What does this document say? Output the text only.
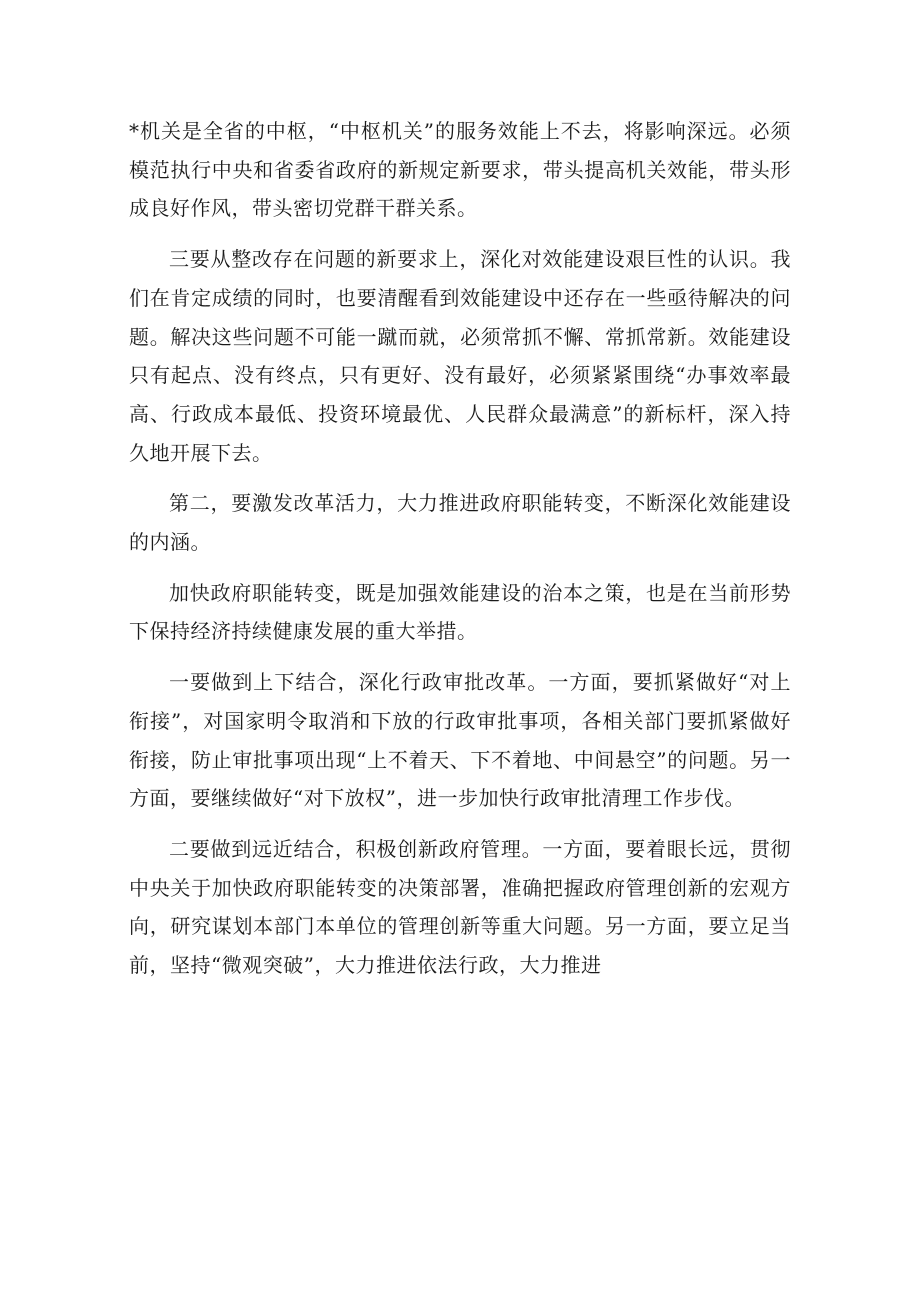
*机关是全省的中枢，“中枢机关”的服务效能上不去，将影响深远。必须模范执行中央和省委省政府的新规定新要求，带头提高机关效能，带头形成良好作风，带头密切党群干群关系。

三要从整改存在问题的新要求上，深化对效能建设艰巨性的认识。我们在肯定成绩的同时，也要清醒看到效能建设中还存在一些亟待解决的问题。解决这些问题不可能一蹴而就，必须常抓不懈、常抓常新。效能建设只有起点、没有终点，只有更好、没有最好，必须紧紧围绕“办事效率最高、行政成本最低、投资环境最优、人民群众最满意”的新标杆，深入持久地开展下去。

第二，要激发改革活力，大力推进政府职能转变，不断深化效能建设的内涵。

加快政府职能转变，既是加强效能建设的治本之策，也是在当前形势下保持经济持续健康发展的重大举措。

一要做到上下结合，深化行政审批改革。一方面，要抓紧做好“对上衔接”，对国家明令取消和下放的行政审批事项，各相关部门要抓紧做好衔接，防止审批事项出现“上不着天、下不着地、中间悬空”的问题。另一方面，要继续做好“对下放权”，进一步加快行政审批清理工作步伐。

二要做到远近结合，积极创新政府管理。一方面，要着眼长远，贯彻中央关于加快政府职能转变的决策部署，准确把握政府管理创新的宏观方向，研究谋划本部门本单位的管理创新等重大问题。另一方面，要立足当前，坚持“微观突破”，大力推进依法行政，大力推进
